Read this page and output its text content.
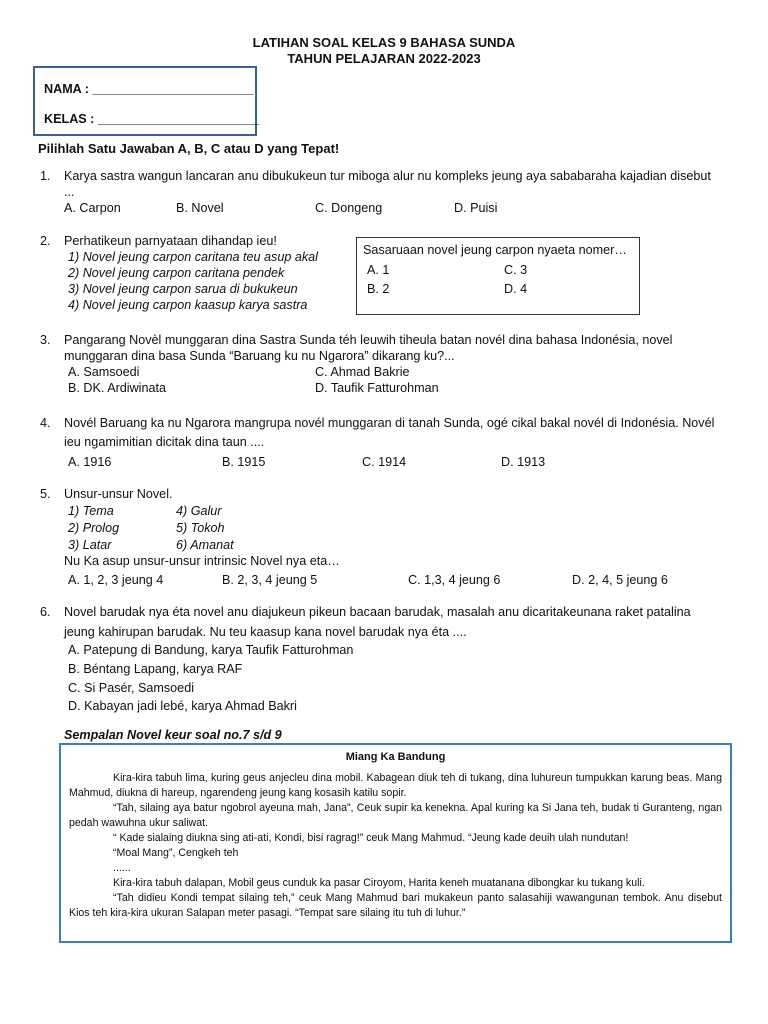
LATIHAN SOAL KELAS 9 BAHASA SUNDA
TAHUN PELAJARAN 2022-2023
NAMA : _______________________
KELAS : _______________________
Pilihlah Satu Jawaban A, B, C atau D yang Tepat!
1. Karya sastra wangun lancaran anu dibukukeun tur miboga alur nu kompleks jeung aya sababaraha kajadian disebut
...
A. Carpon	B. Novel	C. Dongeng	D. Puisi
2. Perhatikeun parnyataan dihandap ieu!
1) Novel jeung carpon caritana teu asup akal
2) Novel jeung carpon caritana pendek
3) Novel jeung carpon sarua di bukukeun
4) Novel jeung carpon kaasup karya sastra
Sasaruaan novel jeung carpon nyaeta nomer…
A. 1	C. 3
B. 2	D. 4
3. Pangarang Novèl munggaran dina Sastra Sunda téh leuwih tiheula batan novél dina bahasa Indonésia, novel
munggaran dina basa Sunda “Baruang ku nu Ngarora” dikarang ku?...
A. Samsoedi	C. Ahmad Bakrie
B. DK. Ardiwinata	D. Taufik Fatturohman
4. Novél Baruang ka nu Ngarora mangrupa novél munggaran di tanah Sunda, ogé cikal bakal novél di Indonésia. Novél
ieu ngamimitian dicitak dina taun ....
A. 1916	B. 1915	C. 1914	D. 1913
5. Unsur-unsur Novel.
1) Tema	4) Galur
2) Prolog	5) Tokoh
3) Latar	6) Amanat
Nu Ka asup unsur-unsur intrinsic Novel nya eta…
A. 1, 2, 3 jeung 4	B. 2, 3, 4 jeung 5	C. 1,3, 4 jeung 6	D. 2, 4, 5 jeung 6
6. Novel barudak nya éta novel anu diajukeun pikeun bacaan barudak, masalah anu dicaritakeunana raket patalina
jeung kahirupan barudak. Nu teu kaasup kana novel barudak nya éta ....
A. Patepung di Bandung, karya Taufik Fatturohman
B. Béntang Lapang, karya RAF
C. Si Pasér, Samsoedi
D. Kabayan jadi lebé, karya Ahmad Bakri
Sempalan Novel keur soal no.7 s/d 9
Miang Ka Bandung

Kira-kira tabuh lima, kuring geus anjecleu dina mobil. Kabagean diuk teh di tukang, dina luhureun tumpukkan karung beas. Mang Mahmud, diukna di hareup, ngarendeng jeung kang kosasih katilu sopir.

“Tah, silaing aya batur ngobrol ayeuna mah, Jana”, Ceuk supir ka kenekna. Apal kuring ka Si Jana teh, budak ti Guranteng, ngan pedah wawuhna ukur saliwat.

“ Kade sialaing diukna sing ati-ati, Kondi, bisi ragrag!” ceuk Mang Mahmud. “Jeung kade deuih ulah nundutan!

“Moal Mang”, Cengkeh teh

......

Kira-kira tabuh dalapan, Mobil geus cunduk ka pasar Ciroyom, Harita keneh muatanana dibongkar ku tukang kuli.

“Tah didieu Kondi tempat silaing teh,” ceuk Mang Mahmud bari mukakeun panto salasahiji wawangunan tembok. Anu disebut Kios teh kira-kira ukuran Salapan meter pasagi. “Tempat sare silaing itu tuh di luhur.”
